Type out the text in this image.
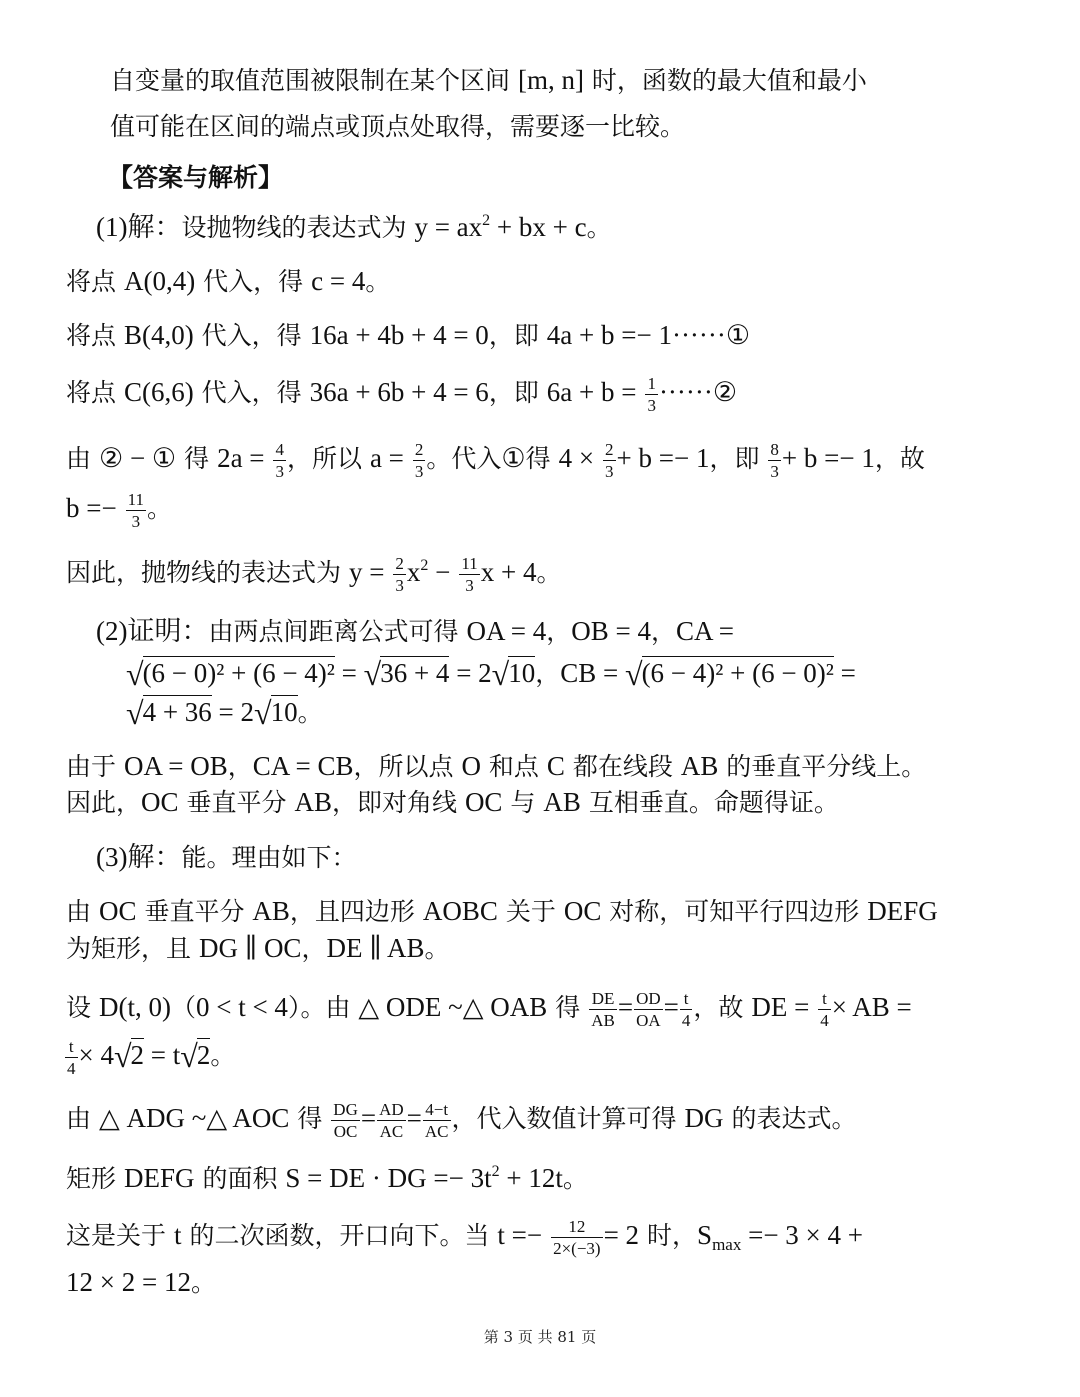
自变量的取值范围被限制在某个区间 [m, n] 时，函数的最大值和最小
值可能在区间的端点或顶点处取得，需要逐一比较。
【答案与解析】
(1)解：设抛物线的表达式为 $y = ax^2$ + bx + c。
将点 A(0,4) 代入，得 c = 4。
将点 B(4,0) 代入，得 16a + 4b + 4 = 0，即 4a + b =− 1······①
将点 C(6,6) 代入，得 36a + 6b + 4 = 6，即 $6a + b = \frac{1}{3}$ ······②
由 ② − ① 得 $2a = \frac{4}{3}$ ，所以 $a = \frac{2}{3}$ 。代入①得 $4 \times \frac{2}{3} + b =- 1$，即 $\frac{8}{3} + b =- 1$，故
$b =- \frac{11}{3}$ 。
因此，抛物线的表达式为 $y = \frac{2}{3} x^2 - \frac{11}{3}$ x + 4。
(2)证明：由两点间距离公式可得 OA = 4，OB = 4，CA =
√(6 − 0)² + (6 − 4)² = √36 + 4 = 2√10，CB = √(6 − 4)² + (6 − 0)² =
√4 + 36 = 2√10。
由于 OA = OB，CA = CB，所以点 O 和点 C 都在线段 AB 的垂直平分线上。
因此，OC 垂直平分 AB，即对角线 OC 与 AB 互相垂直。命题得证。
(3)解：能。理由如下：
由 OC 垂直平分 AB，且四边形 AOBC 关于 OC 对称，可知平行四边形 DEFG
为矩形，且 DG ∥ OC，DE ∥ AB。
设 D(t, 0)（0 < t < 4）。由 △ ODE ~△ OAB 得 $\frac{DE}{AB} = \frac{OD}{OA} = \frac{t}{4}$ ，故 DE = $\frac{t}{4}$ × AB =
$\frac{t}{4} \times 4√2 = t√2$。
由 △ ADG ~△ AOC 得 $\frac{DG}{OC} = \frac{AD}{AC} = \frac{4-t}{AC}$ ，代入数值计算可得 DG 的表达式。
矩形 DEFG 的面积 S = DE · DG =− $3t^2 + 12t$。
这是关于 t 的二次函数，开口向下。当 $t =- \frac{12}{2\times(-3)} = 2$ 时，$S_{max} =- 3 \times 4$ +
12 × 2 = 12。
第 3 页 共 81 页
